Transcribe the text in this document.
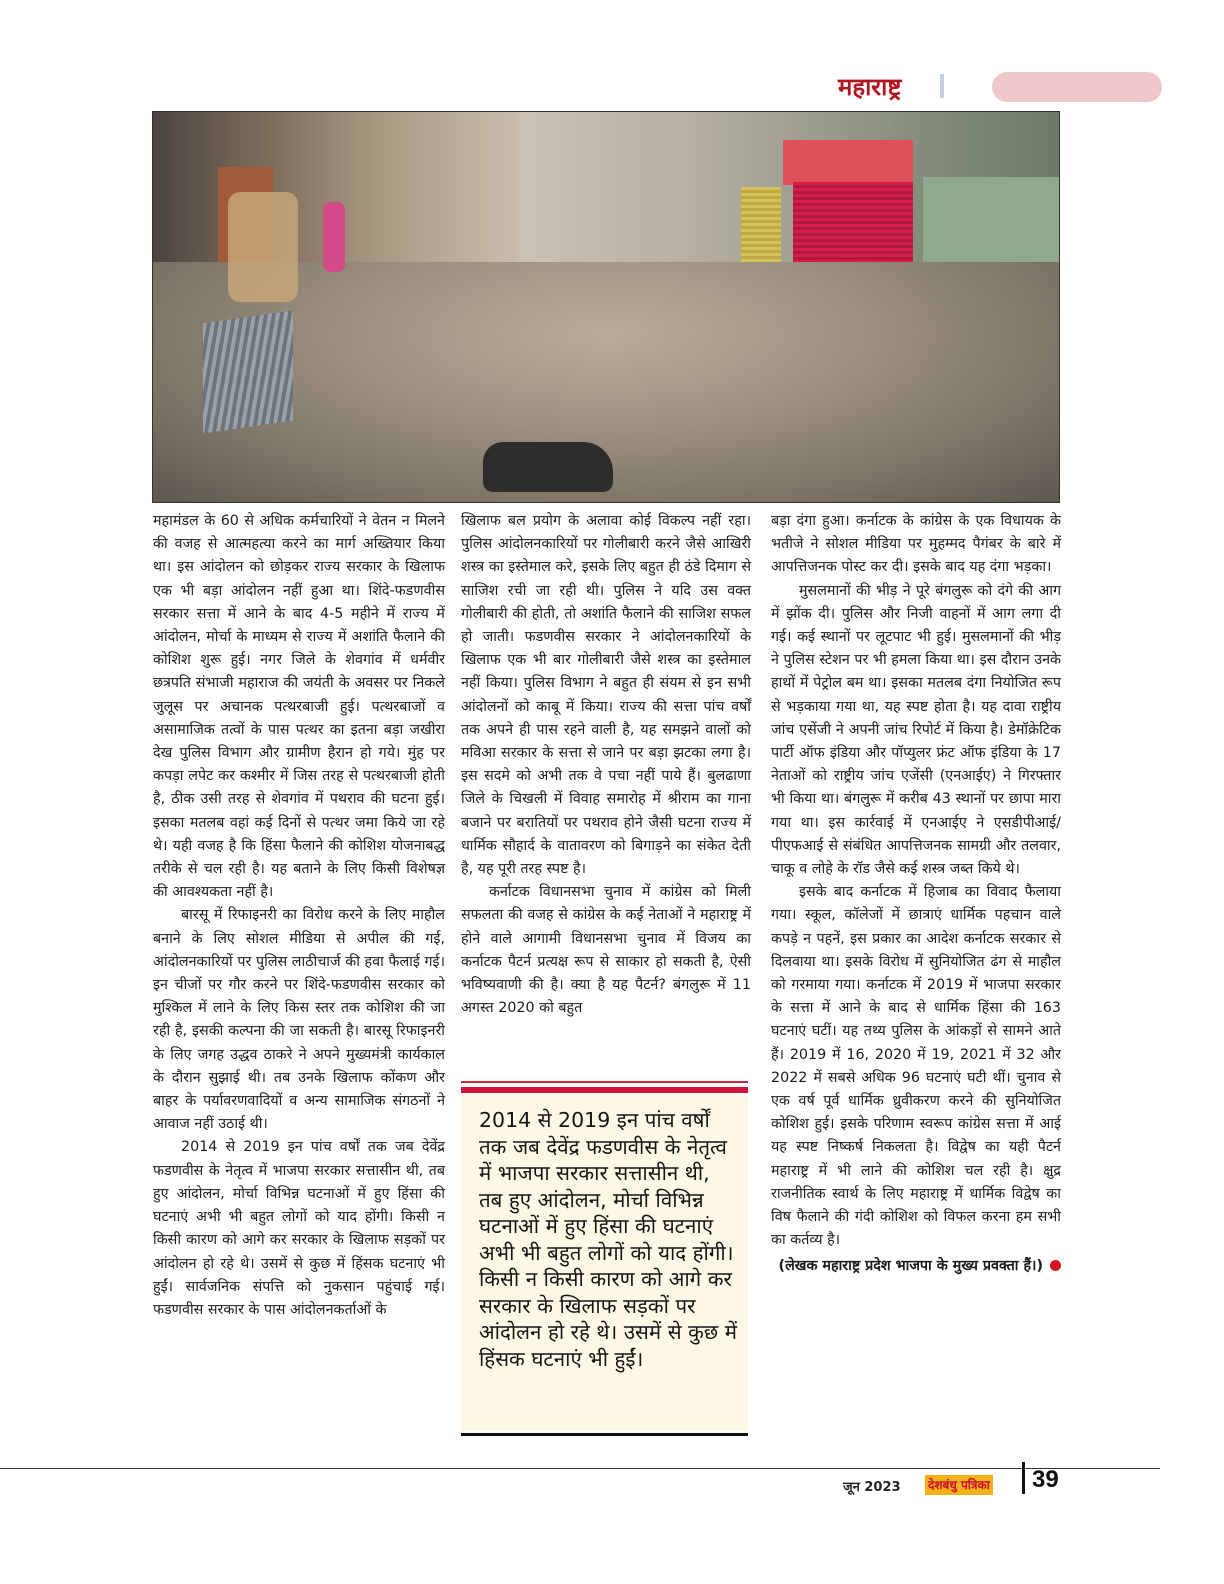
महाराष्ट्र

महामंडल के 60 से अधिक कर्मचारियों ने वेतन न मिलने की वजह से आत्महत्या करने का मार्ग अख्तियार किया था। इस आंदोलन को छोड़कर राज्य सरकार के खिलाफ एक भी बड़ा आंदोलन नहीं हुआ था। शिंदे-फडणवीस सरकार सत्ता में आने के बाद 4-5 महीने में राज्य में आंदोलन, मोर्चा के माध्यम से राज्य में अशांति फैलाने की कोशिश शुरू हुई। नगर जिले के शेवगांव में धर्मवीर छत्रपति संभाजी महाराज की जयंती के अवसर पर निकले जुलूस पर अचानक पत्थरबाजी हुई। पत्थरबाजों व असामाजिक तत्वों के पास पत्थर का इतना बड़ा जखीरा देख पुलिस विभाग और ग्रामीण हैरान हो गये। मुंह पर कपड़ा लपेट कर कश्मीर में जिस तरह से पत्थरबाजी होती है, ठीक उसी तरह से शेवगांव में पथराव की घटना हुई। इसका मतलब वहां कई दिनों से पत्थर जमा किये जा रहे थे। यही वजह है कि हिंसा फैलाने की कोशिश योजनाबद्ध तरीके से चल रही है। यह बताने के लिए किसी विशेषज्ञ की आवश्यकता नहीं है।

बारसू में रिफाइनरी का विरोध करने के लिए माहौल बनाने के लिए सोशल मीडिया से अपील की गई, आंदोलनकारियों पर पुलिस लाठीचार्ज की हवा फैलाई गई। इन चीजों पर गौर करने पर शिंदे-फडणवीस सरकार को मुश्किल में लाने के लिए किस स्तर तक कोशिश की जा रही है, इसकी कल्पना की जा सकती है। बारसू रिफाइनरी के लिए जगह उद्धव ठाकरे ने अपने मुख्यमंत्री कार्यकाल के दौरान सुझाई थी। तब उनके खिलाफ कोंकण और बाहर के पर्यावरणवादियों व अन्य सामाजिक संगठनों ने आवाज नहीं उठाई थी।

2014 से 2019 इन पांच वर्षों तक जब देवेंद्र फडणवीस के नेतृत्व में भाजपा सरकार सत्तासीन थी, तब हुए आंदोलन, मोर्चा विभिन्न घटनाओं में हुए हिंसा की घटनाएं अभी भी बहुत लोगों को याद होंगी। किसी न किसी कारण को आगे कर सरकार के खिलाफ सड़कों पर आंदोलन हो रहे थे। उसमें से कुछ में हिंसक घटनाएं भी हुईं। सार्वजनिक संपत्ति को नुकसान पहुंचाई गई। फडणवीस सरकार के पास आंदोलनकर्ताओं के

खिलाफ बल प्रयोग के अलावा कोई विकल्प नहीं रहा। पुलिस आंदोलनकारियों पर गोलीबारी करने जैसे आखिरी शस्त्र का इस्तेमाल करे, इसके लिए बहुत ही ठंडे दिमाग से साजिश रची जा रही थी। पुलिस ने यदि उस वक्त गोलीबारी की होती, तो अशांति फैलाने की साजिश सफल हो जाती। फडणवीस सरकार ने आंदोलनकारियों के खिलाफ एक भी बार गोलीबारी जैसे शस्त्र का इस्तेमाल नहीं किया। पुलिस विभाग ने बहुत ही संयम से इन सभी आंदोलनों को काबू में किया। राज्य की सत्ता पांच वर्षों तक अपने ही पास रहने वाली है, यह समझने वालों को मविआ सरकार के सत्ता से जाने पर बड़ा झटका लगा है। इस सदमे को अभी तक वे पचा नहीं पाये हैं। बुलढाणा जिले के चिखली में विवाह समारोह में श्रीराम का गाना बजाने पर बरातियों पर पथराव होने जैसी घटना राज्य में धार्मिक सौहार्द के वातावरण को बिगाड़ने का संकेत देती है, यह पूरी तरह स्पष्ट है।

कर्नाटक विधानसभा चुनाव में कांग्रेस को मिली सफलता की वजह से कांग्रेस के कई नेताओं ने महाराष्ट्र में होने वाले आगामी विधानसभा चुनाव में विजय का कर्नाटक पैटर्न प्रत्यक्ष रूप से साकार हो सकती है, ऐसी भविष्यवाणी की है। क्या है यह पैटर्न? बंगलुरू में 11 अगस्त 2020 को बहुत

2014 से 2019 इन पांच वर्षों तक जब देवेंद्र फडणवीस के नेतृत्व में भाजपा सरकार सत्तासीन थी, तब हुए आंदोलन, मोर्चा विभिन्न घटनाओं में हुए हिंसा की घटनाएं अभी भी बहुत लोगों को याद होंगी। किसी न किसी कारण को आगे कर सरकार के खिलाफ सड़कों पर आंदोलन हो रहे थे। उसमें से कुछ में हिंसक घटनाएं भी हुईं।

बड़ा दंगा हुआ। कर्नाटक के कांग्रेस के एक विधायक के भतीजे ने सोशल मीडिया पर मुहम्मद पैगंबर के बारे में आपत्तिजनक पोस्ट कर दी। इसके बाद यह दंगा भड़का।

मुसलमानों की भीड़ ने पूरे बंगलुरू को दंगे की आग में झोंक दी। पुलिस और निजी वाहनों में आग लगा दी गई। कई स्थानों पर लूटपाट भी हुई। मुसलमानों की भीड़ ने पुलिस स्टेशन पर भी हमला किया था। इस दौरान उनके हाथों में पेट्रोल बम था। इसका मतलब दंगा नियोजित रूप से भड़काया गया था, यह स्पष्ट होता है। यह दावा राष्ट्रीय जांच एसेंजी ने अपनी जांच रिपोर्ट में किया है। डेमॉक्रेटिक पार्टी ऑफ इंडिया और पॉप्युलर फ्रंट ऑफ इंडिया के 17 नेताओं को राष्ट्रीय जांच एजेंसी (एनआईए) ने गिरफ्तार भी किया था। बंगलुरू में करीब 43 स्थानों पर छापा मारा गया था। इस कार्रवाई में एनआईए ने एसडीपीआई/पीएफआई से संबंधित आपत्तिजनक सामग्री और तलवार, चाकू व लोहे के रॉड जैसे कई शस्त्र जब्त किये थे।

इसके बाद कर्नाटक में हिजाब का विवाद फैलाया गया। स्कूल, कॉलेजों में छात्राएं धार्मिक पहचान वाले कपड़े न पहनें, इस प्रकार का आदेश कर्नाटक सरकार से दिलवाया था। इसके विरोध में सुनियोजित ढंग से माहौल को गरमाया गया। कर्नाटक में 2019 में भाजपा सरकार के सत्ता में आने के बाद से धार्मिक हिंसा की 163 घटनाएं घटीं। यह तथ्य पुलिस के आंकड़ों से सामने आते हैं। 2019 में 16, 2020 में 19, 2021 में 32 और 2022 में सबसे अधिक 96 घटनाएं घटी थीं। चुनाव से एक वर्ष पूर्व धार्मिक ध्रुवीकरण करने की सुनियोजित कोशिश हुई। इसके परिणाम स्वरूप कांग्रेस सत्ता में आई यह स्पष्ट निष्कर्ष निकलता है। विद्वेष का यही पैटर्न महाराष्ट्र में भी लाने की कोशिश चल रही है। क्षुद्र राजनीतिक स्वार्थ के लिए महाराष्ट्र में धार्मिक विद्वेष का विष फैलाने की गंदी कोशिश को विफल करना हम सभी का कर्तव्य है।

(लेखक महाराष्ट्र प्रदेश भाजपा के मुख्य प्रवक्ता हैं।)

जून 2023 देशबंधु पत्रिका 39
